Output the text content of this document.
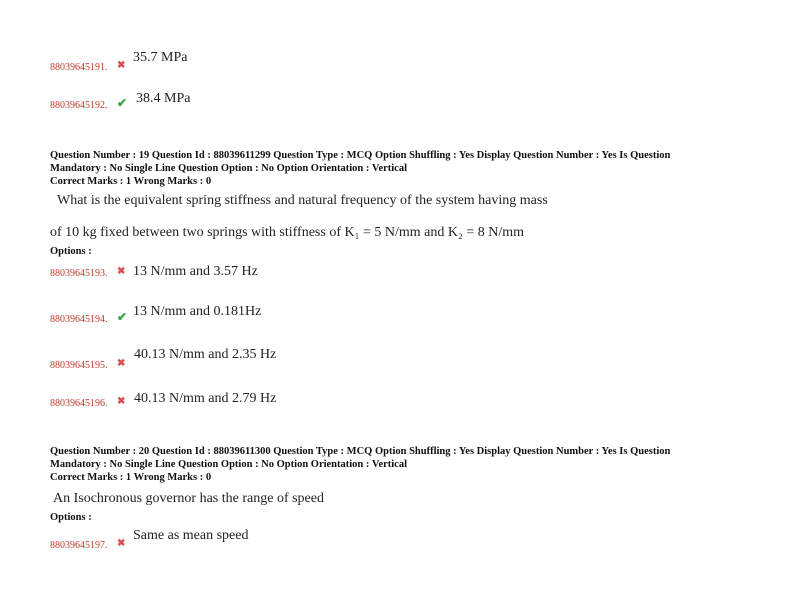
88039645191. ✖
35.7 MPa
88039645192. ✔ 38.4 MPa
Question Number : 19 Question Id : 88039611299 Question Type : MCQ Option Shuffling : Yes Display Question Number : Yes Is Question
Mandatory : No Single Line Question Option : No Option Orientation : Vertical
Correct Marks : 1 Wrong Marks : 0
What is the equivalent spring stiffness and natural frequency of the system having mass
of 10 kg fixed between two springs with stiffness of K₁ = 5 N/mm and K₂ = 8 N/mm
Options :
88039645193. ✖ 13 N/mm and 3.57 Hz
88039645194. ✔ 13 N/mm and 0.181Hz
88039645195. ✖
40.13 N/mm and 2.35 Hz
88039645196. ✖ 40.13 N/mm and 2.79 Hz
Question Number : 20 Question Id : 88039611300 Question Type : MCQ Option Shuffling : Yes Display Question Number : Yes Is Question
Mandatory : No Single Line Question Option : No Option Orientation : Vertical
Correct Marks : 1 Wrong Marks : 0
An Isochronous governor has the range of speed
Options :
88039645197. ✖
Same as mean speed
